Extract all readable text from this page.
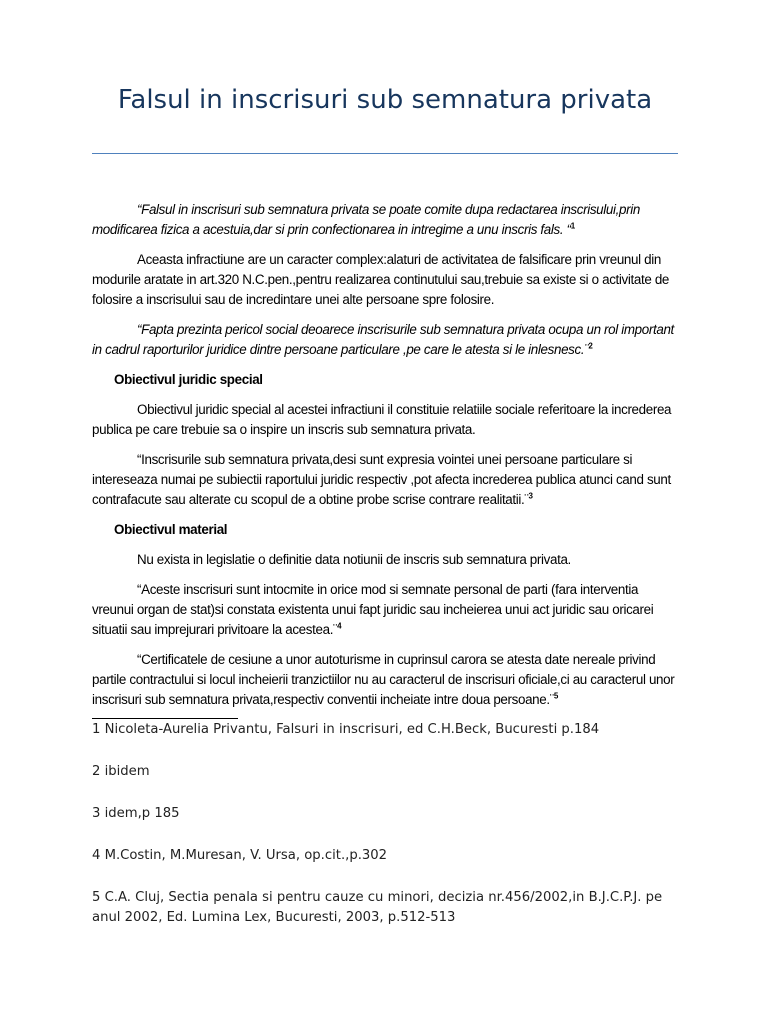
Falsul in inscrisuri sub semnatura privata

“Falsul in inscrisuri sub semnatura privata se poate comite dupa redactarea inscrisului,prin modificarea fizica a acestuia,dar si prin confectionarea in intregime a unu inscris fals. “$^1$

Aceasta infractiune are un caracter complex:alaturi de activitatea de falsificare prin vreunul din modurile aratate in art.320 N.C.pen.,pentru realizarea continutului sau,trebuie sa existe si o activitate de folosire a inscrisului sau de incredintare unei alte persoane spre folosire.

“Fapta prezinta pericol social deoarece inscrisurile sub semnatura privata ocupa un rol important in cadrul raporturilor juridice dintre persoane particulare ,pe care le atesta si le inlesnesc.¨$^2$

Obiectivul juridic special

Obiectivul juridic special al acestei infractiuni il constituie relatiile sociale referitoare la increderea publica pe care trebuie sa o inspire un inscris sub semnatura privata.

“Inscrisurile sub semnatura privata,desi sunt expresia vointei unei persoane particulare si intereseaza numai pe subiectii raportului juridic respectiv ,pot afecta increderea publica atunci cand sunt contrafacute sau alterate cu scopul de a obtine probe scrise contrare realitatii.¨$^3$

Obiectivul material

Nu exista in legislatie o definitie data notiunii de inscris sub semnatura privata.

“Aceste inscrisuri sunt intocmite in orice mod si semnate personal de parti (fara interventia vreunui organ de stat)si constata existenta unui fapt juridic sau incheierea unui act juridic sau oricarei situatii sau imprejurari privitoare la acestea.¨$^4$

“Certificatele de cesiune a unor autoturisme in cuprinsul carora se atesta date nereale privind partile contractului si locul incheierii tranzictiilor nu au caracterul de inscrisuri oficiale,ci au caracterul unor inscrisuri sub semnatura privata,respectiv conventii incheiate intre doua persoane.¨$^5$

1 Nicoleta-Aurelia Privantu, Falsuri in inscrisuri, ed C.H.Beck, Bucuresti p.184
2 ibidem
3 idem,p 185
4 M.Costin, M.Muresan, V. Ursa, op.cit.,p.302
5 C.A. Cluj, Sectia penala si pentru cauze cu minori, decizia nr.456/2002,in B.J.C.P.J. pe anul 2002, Ed. Lumina Lex, Bucuresti, 2003, p.512-513
